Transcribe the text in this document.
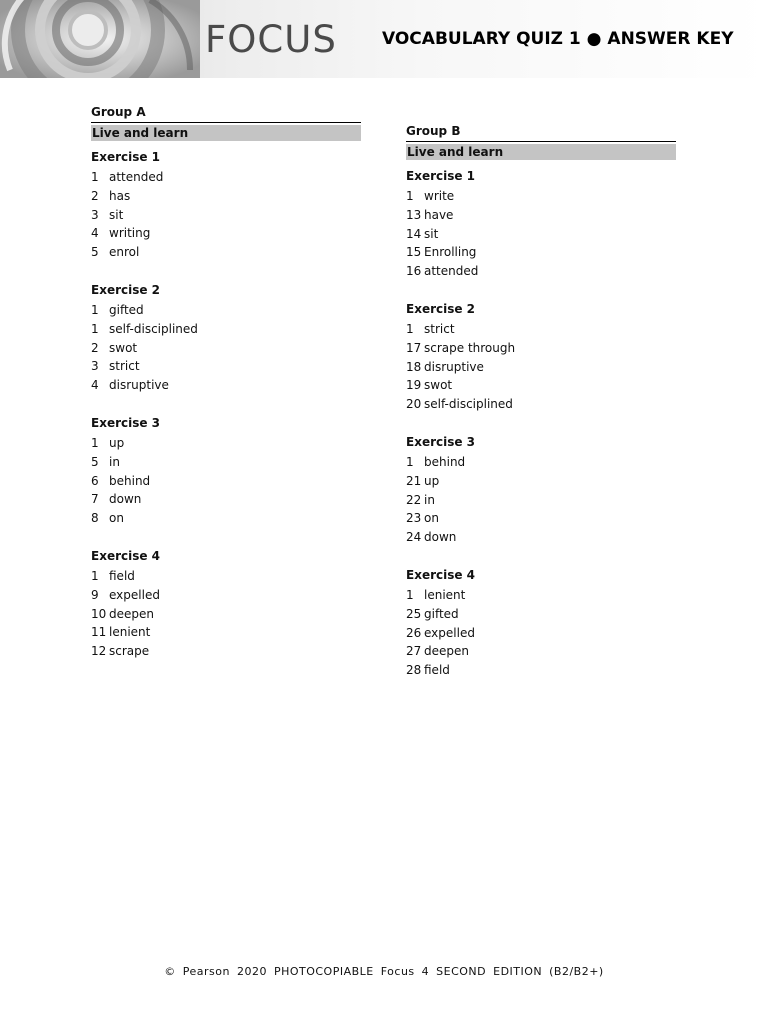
FOCUS	VOCABULARY QUIZ 1 ● ANSWER KEY
Group A
Live and learn
Exercise 1
1 attended
2 has
3 sit
4 writing
5 enrol
Exercise 2
1 gifted
1 self-disciplined
2 swot
3 strict
4 disruptive
Exercise 3
1 up
5 in
6 behind
7 down
8 on
Exercise 4
1 field
9 expelled
10 deepen
11 lenient
12 scrape
Group B
Live and learn
Exercise 1
1 write
13 have
14 sit
15 Enrolling
16 attended
Exercise 2
1 strict
17 scrape through
18 disruptive
19 swot
20 self-disciplined
Exercise 3
1 behind
21 up
22 in
23 on
24 down
Exercise 4
1 lenient
25 gifted
26 expelled
27 deepen
28 field
© Pearson 2020 PHOTOCOPIABLE Focus 4 SECOND EDITION (B2/B2+)
